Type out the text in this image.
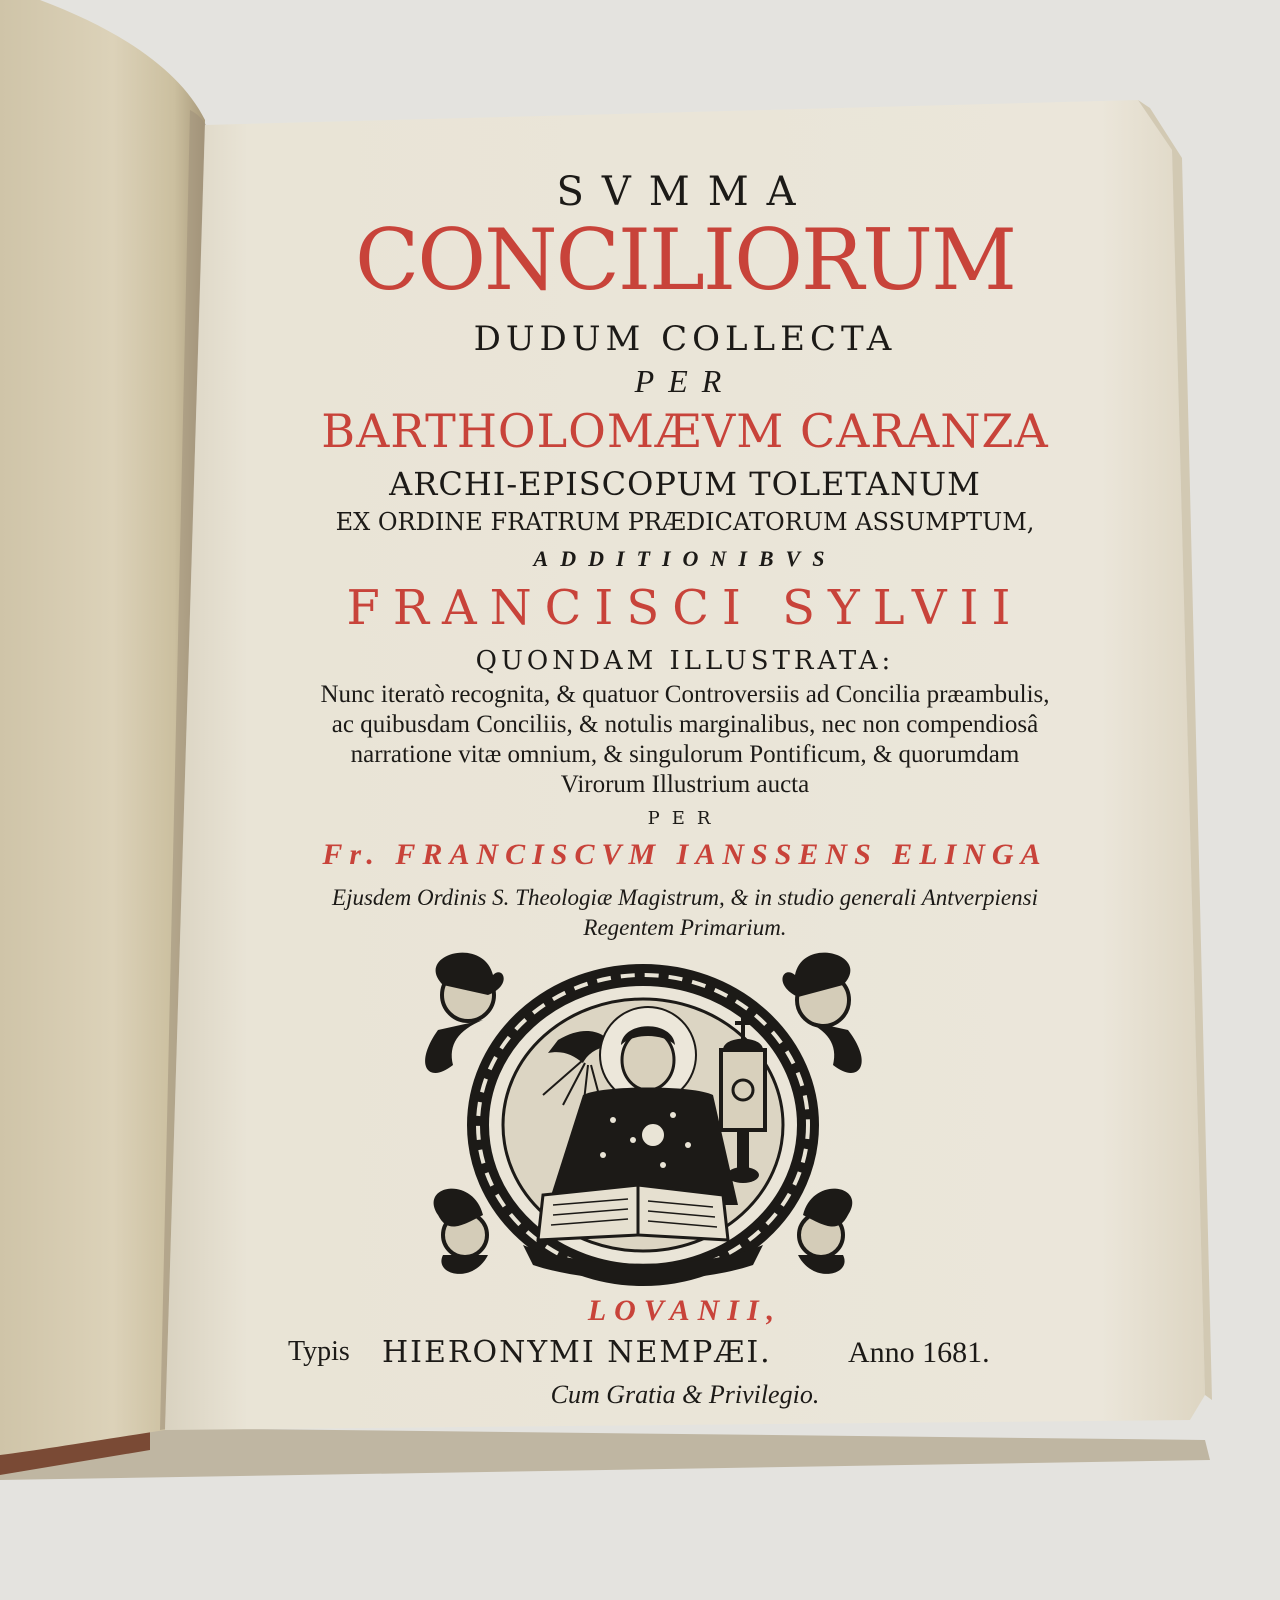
SVMMA
CONCILIORUM
DUDUM COLLECTA
PER
BARTHOLOMÆVM CARANZA
ARCHI-EPISCOPUM TOLETANUM
EX ORDINE FRATRUM PRÆDICATORUM ASSUMPTUM,
ADDITIONIBVS
FRANCISCI SYLVII
QUONDAM ILLUSTRATA:
Nunc iteratò recognita, & quatuor Controversiis ad Concilia præambulis,
ac quibusdam Conciliis, & notulis marginalibus, nec non compendiosâ
narratione vitæ omnium, & singulorum Pontificum, & quorumdam
Virorum Illustrium aucta
PER
Fr. FRANCISCVM IANSSENS ELINGA
Ejusdem Ordinis S. Theologiæ Magistrum, & in studio generali Antverpiensi
Regentem Primarium.
LOVANII,
Typis HIERONYMI NEMPÆI.	Anno 1681.
Cum Gratia & Privilegio.
